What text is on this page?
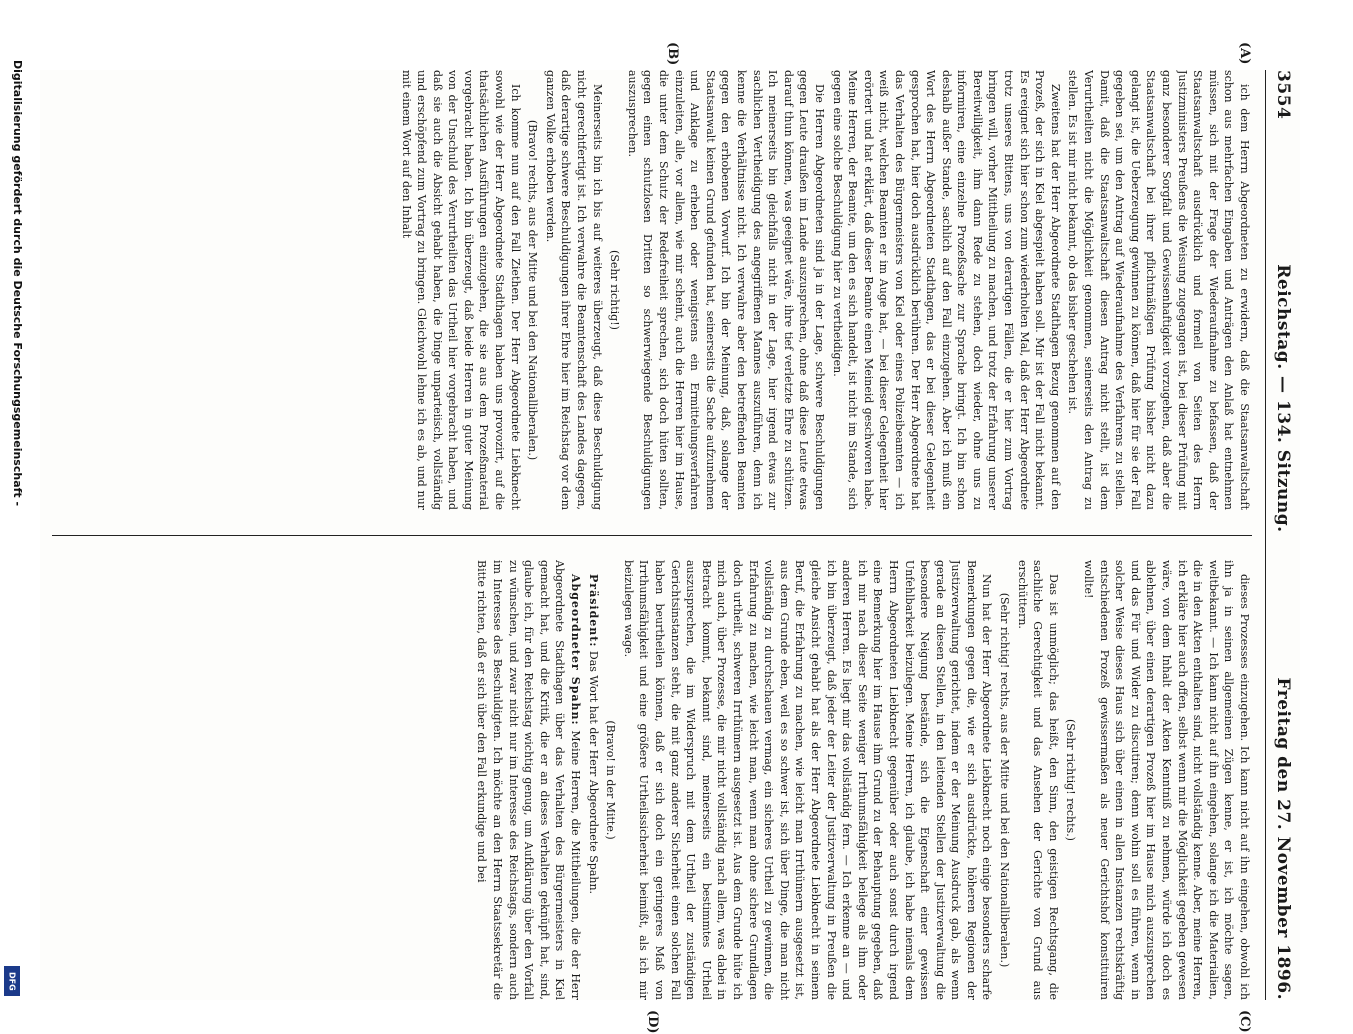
3554
Reichstag. — 134. Sitzung.
Freitag den 27. November 1896.
(A)
(B)
(C)
(D)

ich dem Herrn Abgeordneten zu erwidern, daß die Staatsanwaltschaft schon aus mehrfachen Eingaben und Anträgen den Anlaß hat entnehmen müssen, sich mit der Frage der Wiederaufnahme zu befassen, daß der Staatsanwaltschaft ausdrücklich und formell von Seiten des Herrn Justizministers Preußens die Weisung zugegangen ist, bei dieser Prüfung mit ganz besonderer Sorgfalt und Gewissenhaftigkeit vorzugehen, daß aber die Staatsanwaltschaft bei ihrer pflichtmäßigen Prüfung bisher nicht dazu gelangt ist, die Ueberzeugung gewinnen zu können, daß hier für sie der Fall gegeben sei, um den Antrag auf Wiederaufnahme des Verfahrens zu stellen. Damit, daß die Staatsanwaltschaft diesen Antrag nicht stellt, ist dem Verurtheilten nicht die Möglichkeit genommen, seinerseits den Antrag zu stellen. Es ist mir nicht bekannt, ob das bisher geschehen ist.

Zweitens hat der Herr Abgeordnete Stadthagen Bezug genommen auf den Prozeß, der sich in Kiel abgespielt haben soll. Mir ist der Fall nicht bekannt. Es ereignet sich hier schon zum wiederholten Mal, daß der Herr Abgeordnete trotz unseres Bittens, uns von derartigen Fällen, die er hier zum Vortrag bringen will, vorher Mittheilung zu machen, und trotz der Erfahrung unserer Bereitwilligkeit, ihm dann Rede zu stehen, doch wieder, ohne uns zu informiren, eine einzelne Prozeßsache zur Sprache bringt. Ich bin schon deshalb außer Stande, sachlich auf den Fall einzugehen. Aber ich muß ein Wort des Herrn Abgeordneten Stadthagen, das er bei dieser Gelegenheit gesprochen hat, hier doch ausdrücklich berühren. Der Herr Abgeordnete hat das Verhalten des Bürgermeisters von Kiel oder eines Polizeibeamten — ich weiß nicht, welchen Beamten er im Auge hat, — bei dieser Gelegenheit hier erörtert und hat erklärt, daß dieser Beamte einen Meineid geschworen habe. Meine Herren, der Beamte, um den es sich handelt, ist nicht im Stande, sich gegen eine solche Beschuldigung hier zu vertheidigen.

Die Herren Abgeordneten sind ja in der Lage, schwere Beschuldigungen gegen Leute draußen im Lande auszusprechen, ohne daß diese Leute etwas darauf thun können, was geeignet wäre, ihre tief verletzte Ehre zu schützen. Ich meinerseits bin gleichfalls nicht in der Lage, hier irgend etwas zur sachlichen Vertheidigung des angegriffenen Mannes auszuführen, denn ich kenne die Verhältnisse nicht. Ich verwahre aber den betreffenden Beamten gegen den erhobenen Vorwurf. Ich bin der Meinung, daß, solange der Staatsanwalt keinen Grund gefunden hat, seinerseits die Sache aufzunehmen und Anklage zu erheben oder wenigstens ein Ermittelungsverfahren einzuleiten, alle, vor allem, wie mir scheint, auch die Herren hier im Hause, die unter dem Schutz der Redefreiheit sprechen, sich doch hüten sollten, gegen einen schutzlosen Dritten so schwerwiegende Beschuldigungen auszusprechen.

(Sehr richtig!)

Meinerseits bin ich bis auf weiteres überzeugt, daß diese Beschuldigung nicht gerechtfertigt ist. Ich verwahre die Beamtenschaft des Landes dagegen, daß derartige schwere Beschuldigungen ihrer Ehre hier im Reichstag vor dem ganzen Volke erhoben werden.

(Bravo! rechts, aus der Mitte und bei den Nationalliberalen.)

Ich komme nun auf den Fall Ziethen. Der Herr Abgeordnete Liebknecht sowohl wie der Herr Abgeordnete Stadthagen haben uns provozirt, auf die thatsächlichen Ausführungen einzugehen, die sie aus dem Prozeßmaterial vorgebracht haben. Ich bin überzeugt, daß beide Herren in guter Meinung von der Unschuld des Verurtheilten das Urtheil hier vorgebracht haben, und daß sie auch die Absicht gehabt haben, die Dinge unparteiisch, vollständig und erschöpfend zum Vortrag zu bringen. Gleichwohl lehne ich es ab, und nur mit einem Wort auf den Inhalt

dieses Prozesses einzugehen. Ich kann nicht auf ihn eingehen, obwohl ich ihn ja in seinen allgemeinen Zügen kenne, er ist, ich möchte sagen, weltbekannt. — Ich kann nicht auf ihn eingehen, solange ich die Materialien, die in den Akten enthalten sind, nicht vollständig kenne. Aber, meine Herren, ich erkläre hier auch offen, selbst wenn mir die Möglichkeit gegeben gewesen wäre, von dem Inhalt der Akten Kenntniß zu nehmen, würde ich doch es ablehnen, über einen derartigen Prozeß hier im Hause mich auszusprechen und das Für und Wider zu discutiren; denn wohin soll es führen, wenn in solcher Weise dieses Haus sich über einen in allen Instanzen rechtskräftig entschiedenen Prozeß gewissermaßen als neuer Gerichtshof konstituiren wollte!

(Sehr richtig! rechts.)

Das ist unmöglich; das heißt, den Sinn, den geistigen Rechtsgang, die sachliche Gerechtigkeit und das Ansehen der Gerichte von Grund aus erschüttern.

(Sehr richtig! rechts, aus der Mitte und bei den Nationalliberalen.)

Nun hat der Herr Abgeordnete Liebknecht noch einige besonders scharfe Bemerkungen gegen die, wie er sich ausdrückte, höheren Regionen der Justizverwaltung gerichtet, indem er der Meinung Ausdruck gab, als wenn gerade an diesen Stellen, in den leitenden Stellen der Justizverwaltung die besondere Neigung bestände, sich die Eigenschaft einer gewissen Unfehlbarkeit beizulegen. Meine Herren, ich glaube, ich habe niemals dem Herrn Abgeordneten Liebknecht gegenüber oder auch sonst durch irgend eine Bemerkung hier im Hause ihm Grund zu der Behauptung gegeben, daß ich mir nach dieser Seite weniger Irrthumsfähigkeit beilege als ihm oder anderen Herren. Es liegt mir das vollständig fern. — Ich erkenne an — und ich bin überzeugt, daß jeder der Leiter der Justizverwaltung in Preußen die gleiche Ansicht gehabt hat als der Herr Abgeordnete Liebknecht in seinem Beruf, die Erfahrung zu machen, wie leicht man Irrthümern ausgesetzt ist, aus dem Grunde eben, weil es so schwer ist, sich über Dinge, die man nicht vollständig zu durchschauen vermag, ein sicheres Urtheil zu gewinnen, die Erfahrung zu machen, wie leicht man, wenn man ohne sichere Grundlagen doch urtheilt, schweren Irrthümern ausgesetzt ist. Aus dem Grunde hüte ich mich auch, über Prozesse, die mir nicht vollständig nach allem, was dabei in Betracht kommt, bekannt sind, meinerseits ein bestimmtes Urtheil auszusprechen, die im Widerspruch mit dem Urtheil der zuständigen Gerichtsinstanzen steht, die mit ganz anderer Sicherheit einen solchen Fall haben beurtheilen können, daß er sich doch ein geringeres Maß von Irrthumsfähigkeit und eine größere Urtheilssicherheit beimißt, als ich mir beizulegen wage.

(Bravo! in der Mitte.)

Präsident: Das Wort hat der Herr Abgeordnete Spahn.

Abgeordneter Spahn: Meine Herren, die Mittheilungen, die der Herr Abgeordnete Stadthagen über das Verhalten des Bürgermeisters in Kiel gemacht hat, und die Kritik, die er an dieses Verhalten geknüpft hat, sind, glaube ich, für den Reichstag wichtig genug, um Aufklärung über den Vorfall zu wünschen, und zwar nicht nur im Interesse des Reichstags, sondern auch im Interesse des Beschuldigten. Ich möchte an den Herrn Staatssekretär die Bitte richten, daß er sich über den Fall erkundige und bei

Digitalisierung gefördert durch die Deutsche Forschungsgemeinschaft -
DFG
